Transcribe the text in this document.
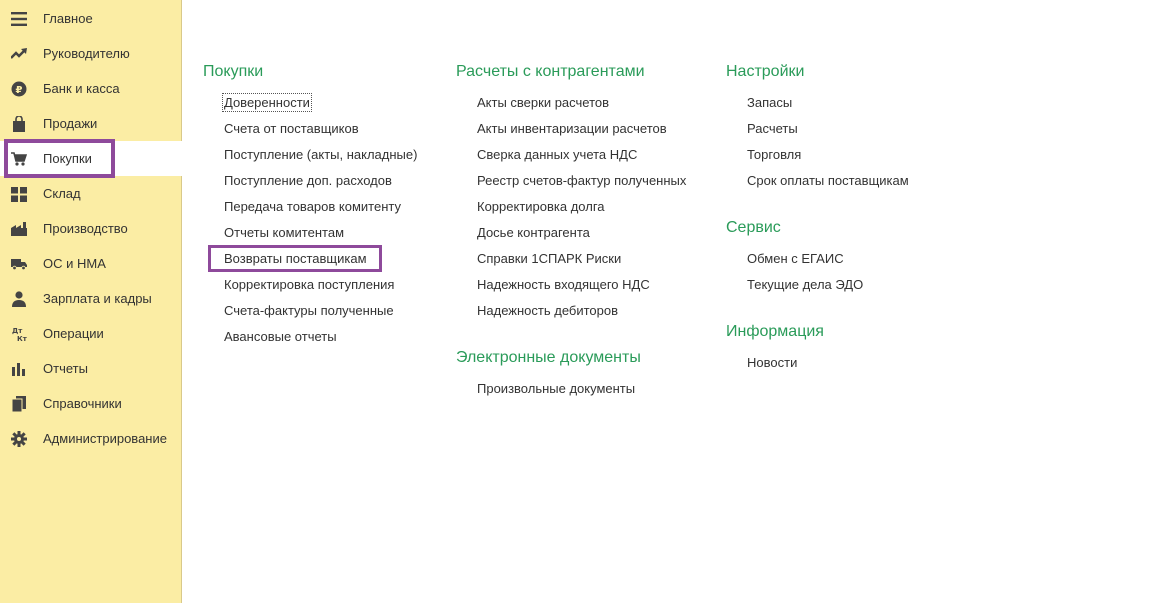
Главное
Руководителю
₽ Банк и касса
Продажи
Покупки
Склад
Производство
ОС и НМА
Зарплата и кадры
Дт
Кт Операции
Отчеты
Справочники
Администрирование
Покупки
Доверенности
Счета от поставщиков
Поступление (акты, накладные)
Поступление доп. расходов
Передача товаров комитенту
Отчеты комитентам
Возвраты поставщикам
Корректировка поступления
Счета-фактуры полученные
Авансовые отчеты
Расчеты с контрагентами
Акты сверки расчетов
Акты инвентаризации расчетов
Сверка данных учета НДС
Реестр счетов-фактур полученных
Корректировка долга
Досье контрагента
Справки 1СПАРК Риски
Надежность входящего НДС
Надежность дебиторов
Электронные документы
Произвольные документы
Настройки
Запасы
Расчеты
Торговля
Срок оплаты поставщикам
Сервис
Обмен с ЕГАИС
Текущие дела ЭДО
Информация
Новости
